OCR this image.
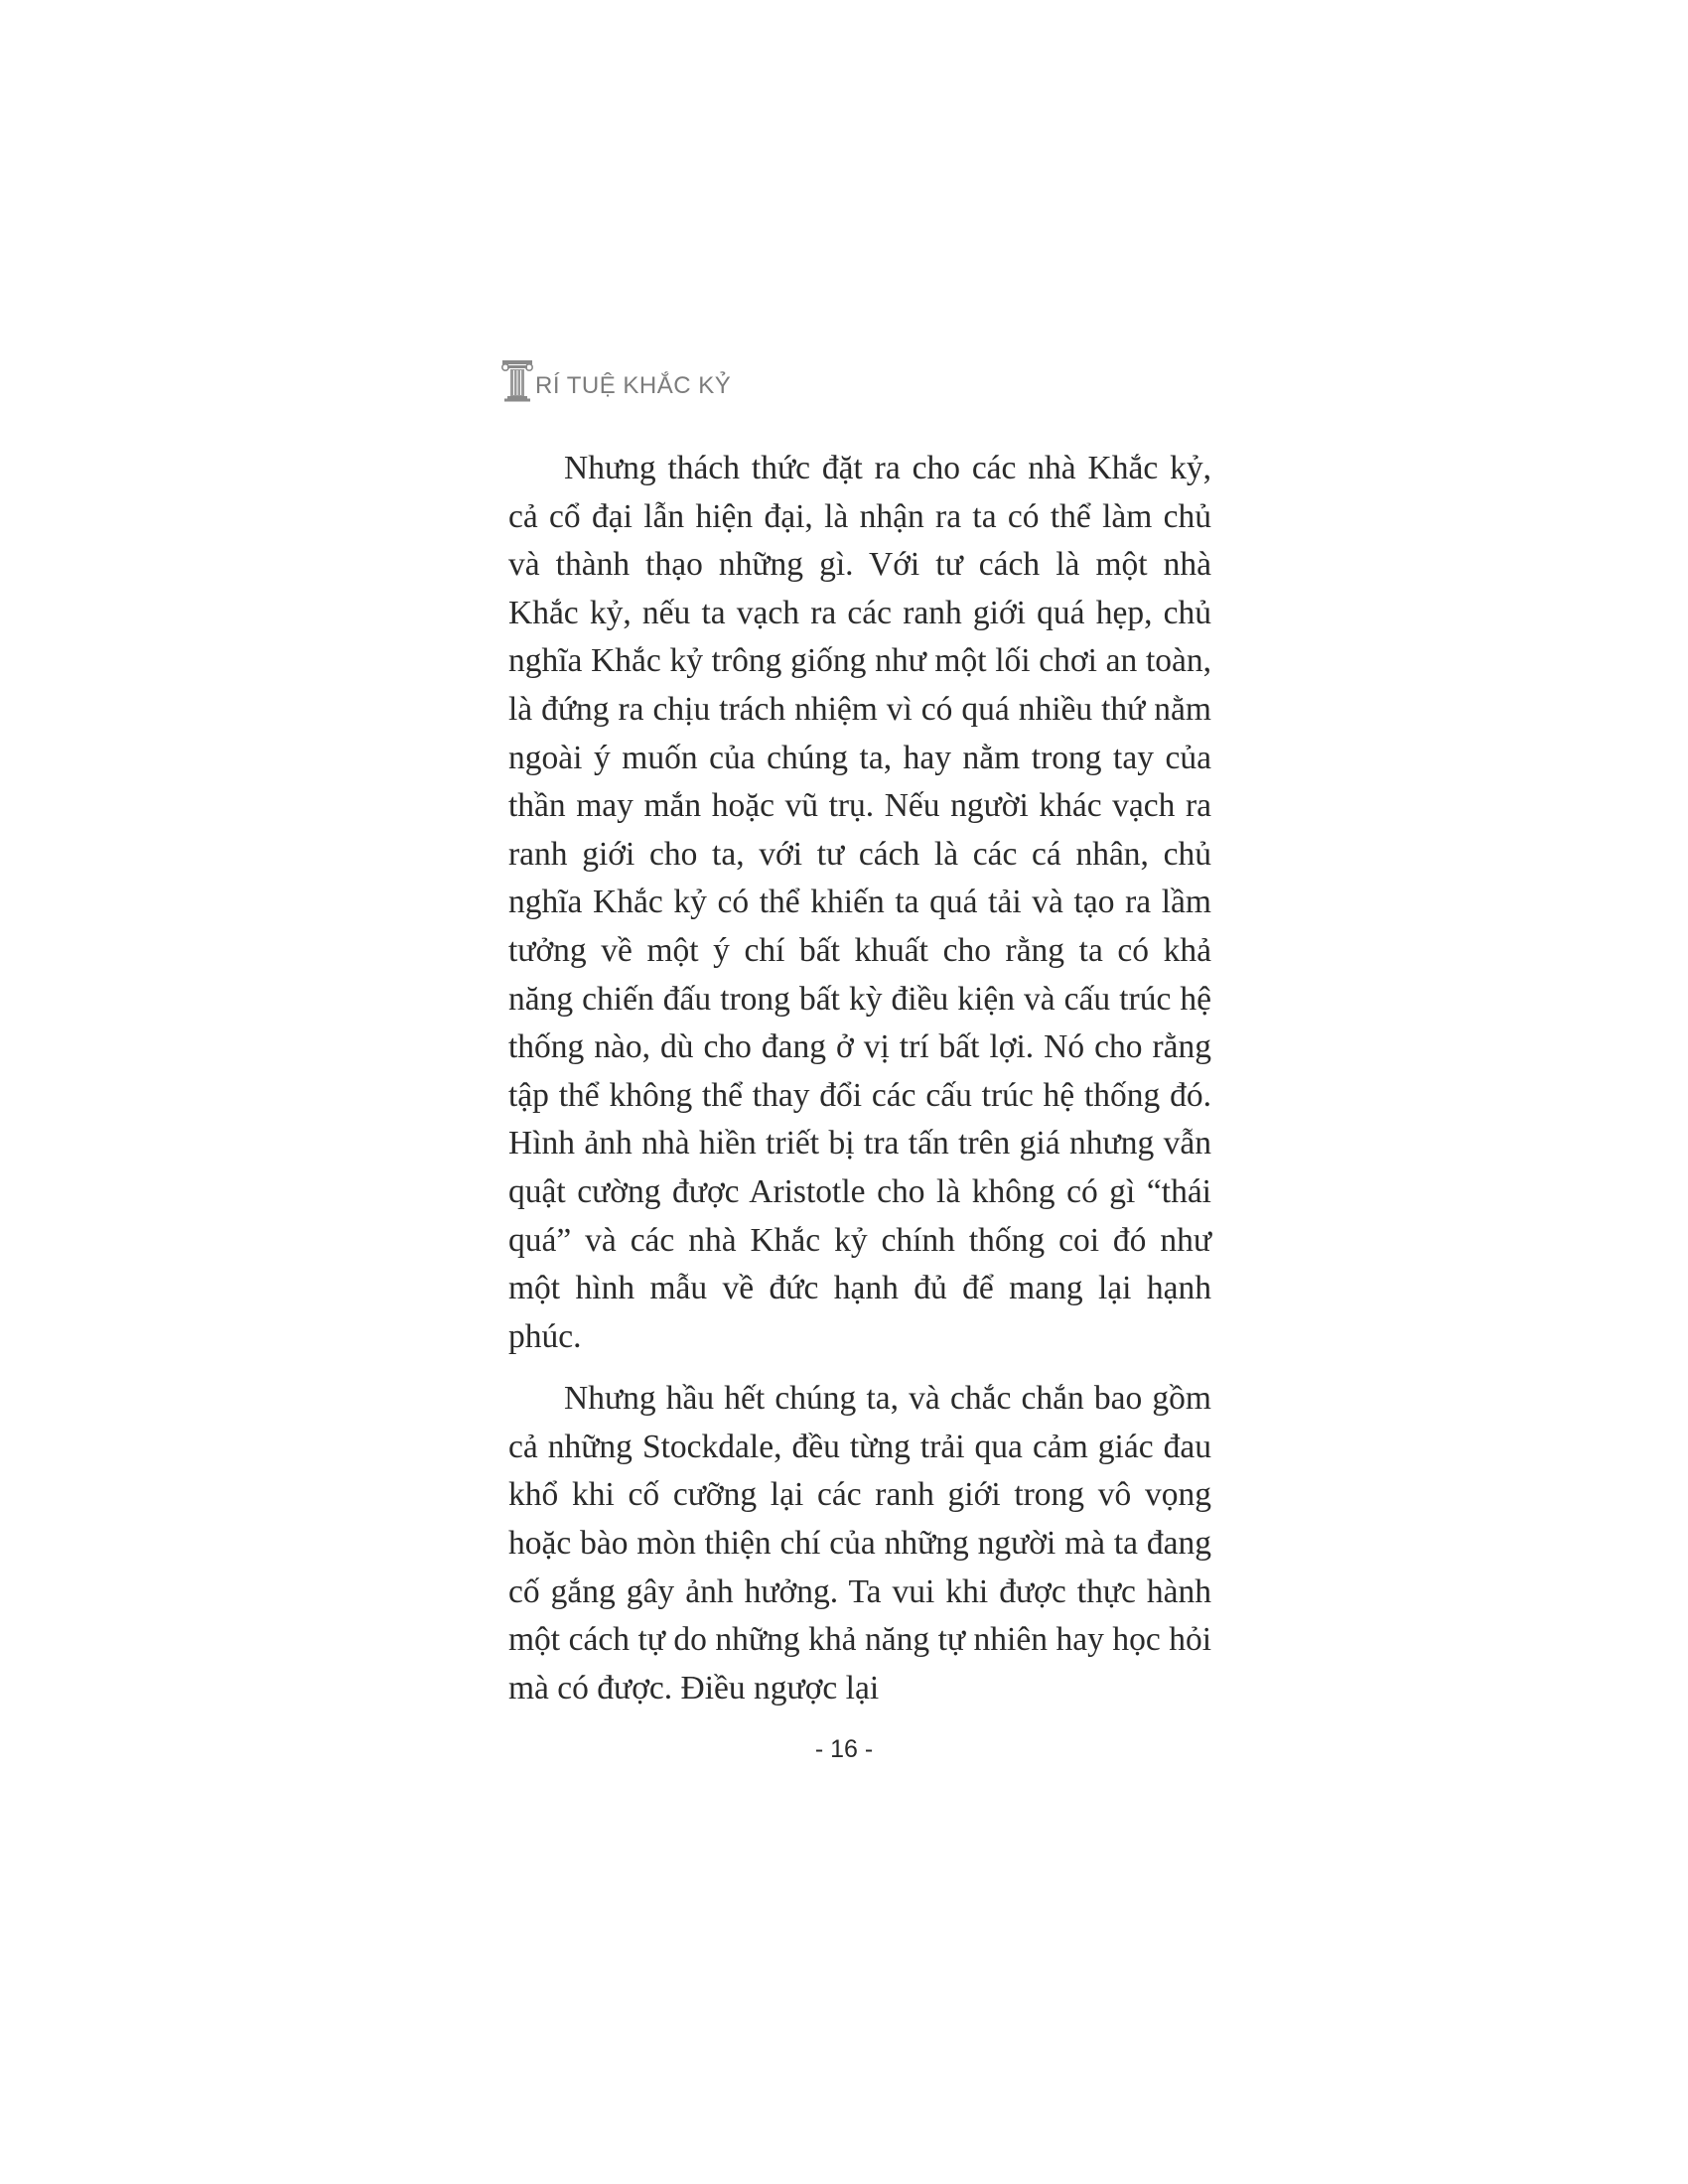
RÍ TUỆ KHẮC KỶ

Nhưng thách thức đặt ra cho các nhà Khắc kỷ, cả cổ đại lẫn hiện đại, là nhận ra ta có thể làm chủ và thành thạo những gì. Với tư cách là một nhà Khắc kỷ, nếu ta vạch ra các ranh giới quá hẹp, chủ nghĩa Khắc kỷ trông giống như một lối chơi an toàn, là đứng ra chịu trách nhiệm vì có quá nhiều thứ nằm ngoài ý muốn của chúng ta, hay nằm trong tay của thần may mắn hoặc vũ trụ. Nếu người khác vạch ra ranh giới cho ta, với tư cách là các cá nhân, chủ nghĩa Khắc kỷ có thể khiến ta quá tải và tạo ra lầm tưởng về một ý chí bất khuất cho rằng ta có khả năng chiến đấu trong bất kỳ điều kiện và cấu trúc hệ thống nào, dù cho đang ở vị trí bất lợi. Nó cho rằng tập thể không thể thay đổi các cấu trúc hệ thống đó. Hình ảnh nhà hiền triết bị tra tấn trên giá nhưng vẫn quật cường được Aristotle cho là không có gì “thái quá” và các nhà Khắc kỷ chính thống coi đó như một hình mẫu về đức hạnh đủ để mang lại hạnh phúc.

Nhưng hầu hết chúng ta, và chắc chắn bao gồm cả những Stockdale, đều từng trải qua cảm giác đau khổ khi cố cưỡng lại các ranh giới trong vô vọng hoặc bào mòn thiện chí của những người mà ta đang cố gắng gây ảnh hưởng. Ta vui khi được thực hành một cách tự do những khả năng tự nhiên hay học hỏi mà có được. Điều ngược lại

- 16 -
